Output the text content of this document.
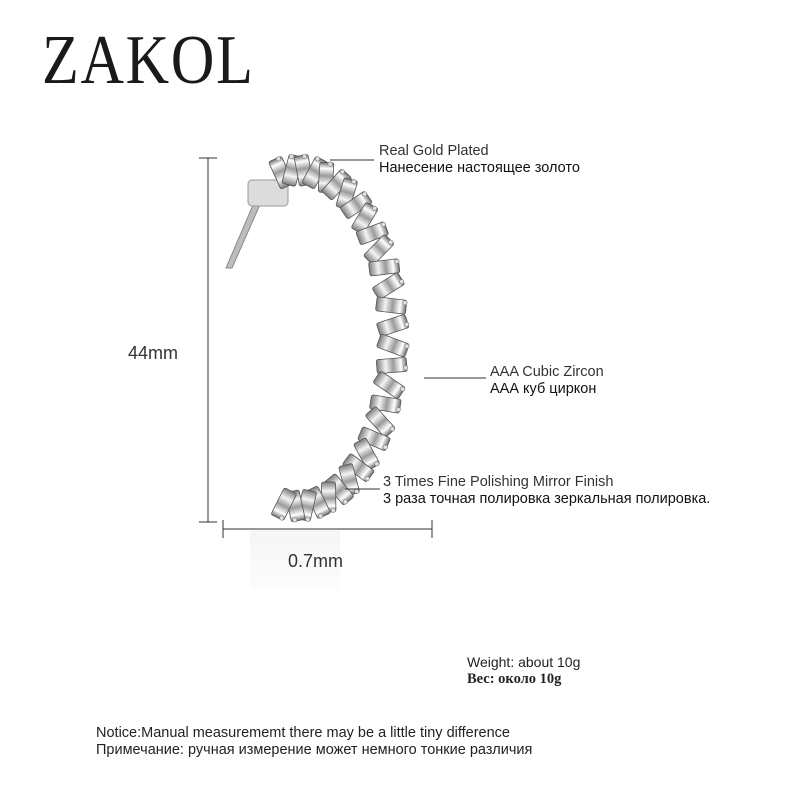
ZAKOL
44mm
0.7mm
Real Gold Plated
Нанесение настоящее золото
AAA Cubic Zircon
ААА куб циркон
3 Times Fine Polishing Mirror Finish
3 раза точная полировка зеркальная полировка.
Weight: about 10g
Вес: около 10g
Notice:Manual measurememt there may be a little tiny difference
Примечание: ручная измерение может немного тонкие различия
